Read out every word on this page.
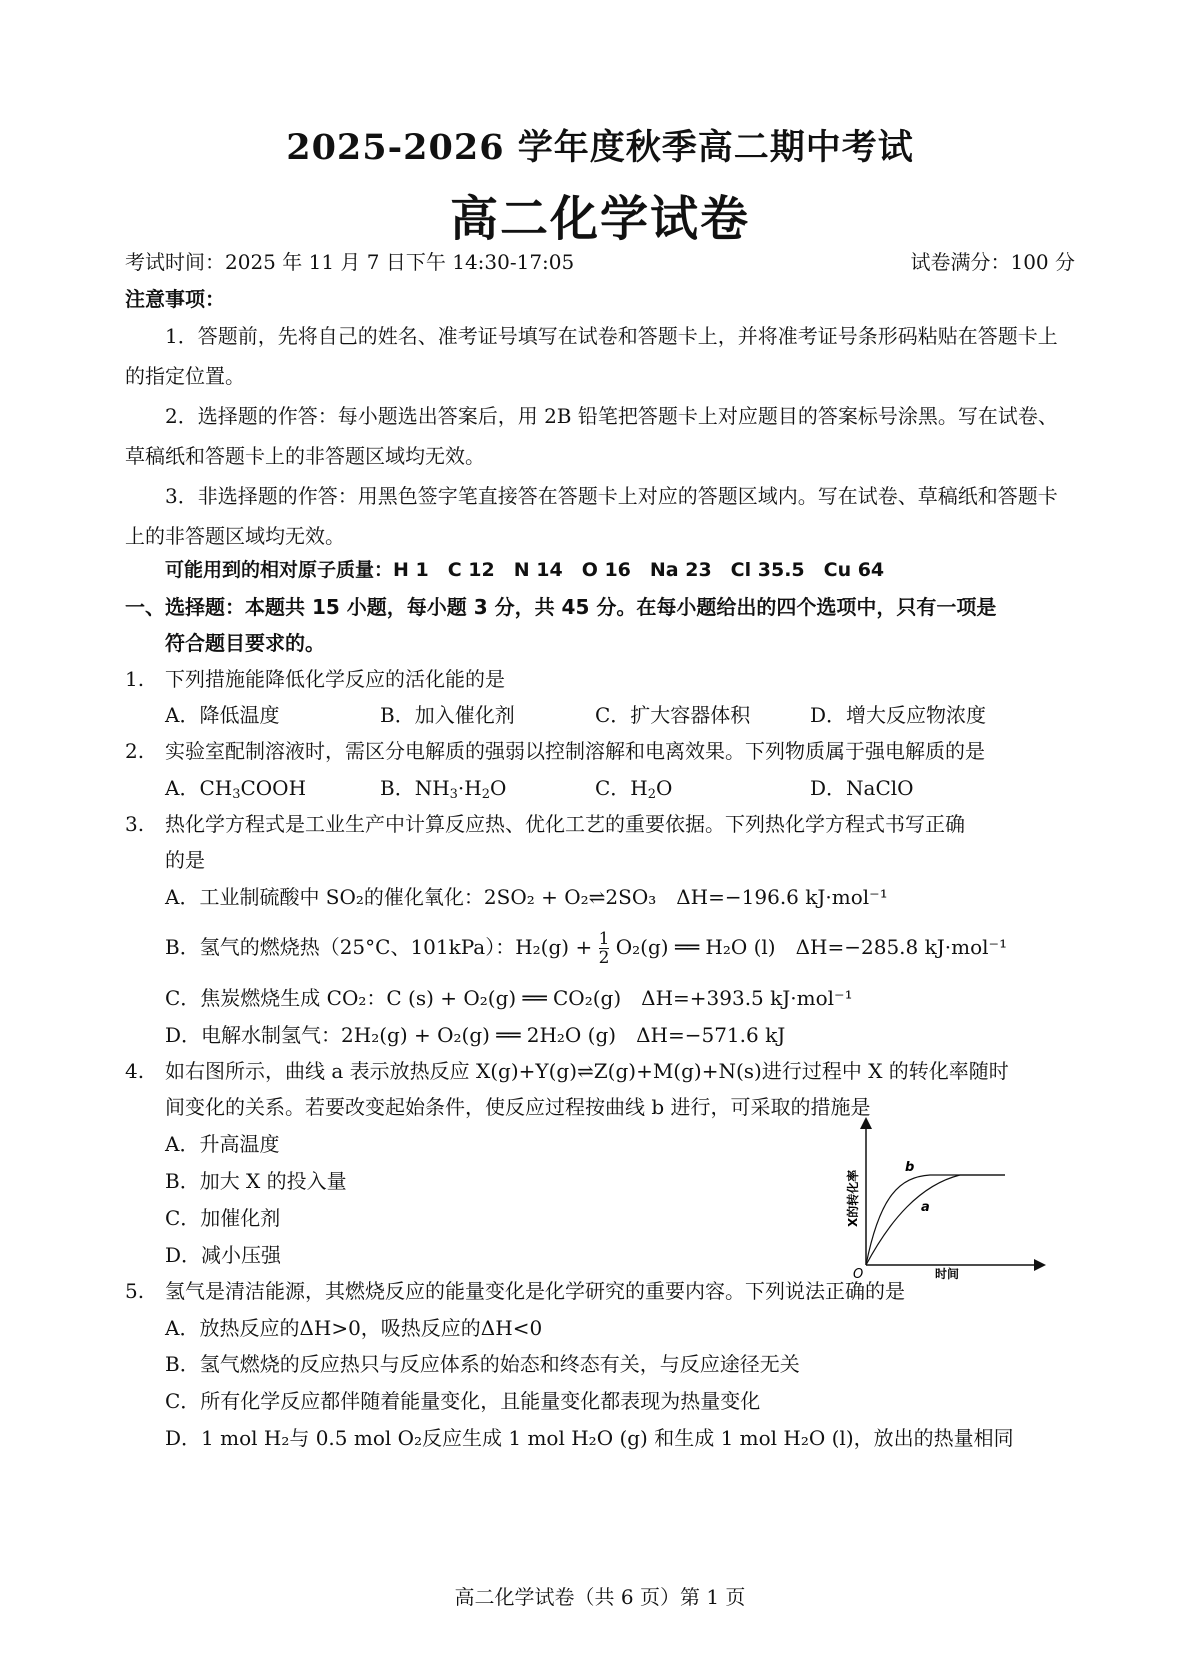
2025-2026 学年度秋季高二期中考试
高二化学试卷
考试时间：2025 年 11 月 7 日下午 14:30-17:05	试卷满分：100 分
注意事项：

1．答题前，先将自己的姓名、准考证号填写在试卷和答题卡上，并将准考证号条形码粘贴在答题卡上的指定位置。

2．选择题的作答：每小题选出答案后，用 2B 铅笔把答题卡上对应题目的答案标号涂黑。写在试卷、草稿纸和答题卡上的非答题区域均无效。

3．非选择题的作答：用黑色签字笔直接答在答题卡上对应的答题区域内。写在试卷、草稿纸和答题卡上的非答题区域均无效。

可能用到的相对原子质量：H 1　C 12　N 14　O 16　Na 23　Cl 35.5　Cu 64
一、选择题：本题共 15 小题，每小题 3 分，共 45 分。在每小题给出的四个选项中，只有一项是
符合题目要求的。
1. 下列措施能降低化学反应的活化能的是
A．降低温度	B．加入催化剂	C．扩大容器体积	D．增大反应物浓度
2. 实验室配制溶液时，需区分电解质的强弱以控制溶解和电离效果。下列物质属于强电解质的是
A．$CH_3COOH$	B．$NH_3\cdot H_2O$	C．$H_2O$	D．NaClO
3. 热化学方程式是工业生产中计算反应热、优化工艺的重要依据。下列热化学方程式书写正确
的是
A．工业制硫酸中 SO₂的催化氧化：2SO₂ + O₂⇌2SO₃　ΔH=−196.6 kJ·mol⁻¹
B．氢气的燃烧热（25°C、101kPa）：$H_2(g) + \frac{1}{2} O_2(g)$ ══ H₂O (l)　ΔH=−285.8 kJ·mol⁻¹
C．焦炭燃烧生成 CO₂：C (s) + O₂(g) ══ CO₂(g)　ΔH=+393.5 kJ·mol⁻¹
D．电解水制氢气：2H₂(g) + O₂(g) ══ 2H₂O (g)　ΔH=−571.6 kJ
4. 如右图所示，曲线 a 表示放热反应 X(g)+Y(g)⇌Z(g)+M(g)+N(s)进行过程中 X 的转化率随时
间变化的关系。若要改变起始条件，使反应过程按曲线 b 进行，可采取的措施是
A．升高温度
B．加大 X 的投入量
C．加催化剂
D．减小压强
b
a
O	时间
X的转化率
5. 氢气是清洁能源，其燃烧反应的能量变化是化学研究的重要内容。下列说法正确的是
A．放热反应的ΔH>0，吸热反应的ΔH<0
B．氢气燃烧的反应热只与反应体系的始态和终态有关，与反应途径无关
C．所有化学反应都伴随着能量变化，且能量变化都表现为热量变化
D．1 mol H₂与 0.5 mol O₂反应生成 1 mol H₂O (g) 和生成 1 mol H₂O (l)，放出的热量相同
高二化学试卷（共 6 页）第 1 页
